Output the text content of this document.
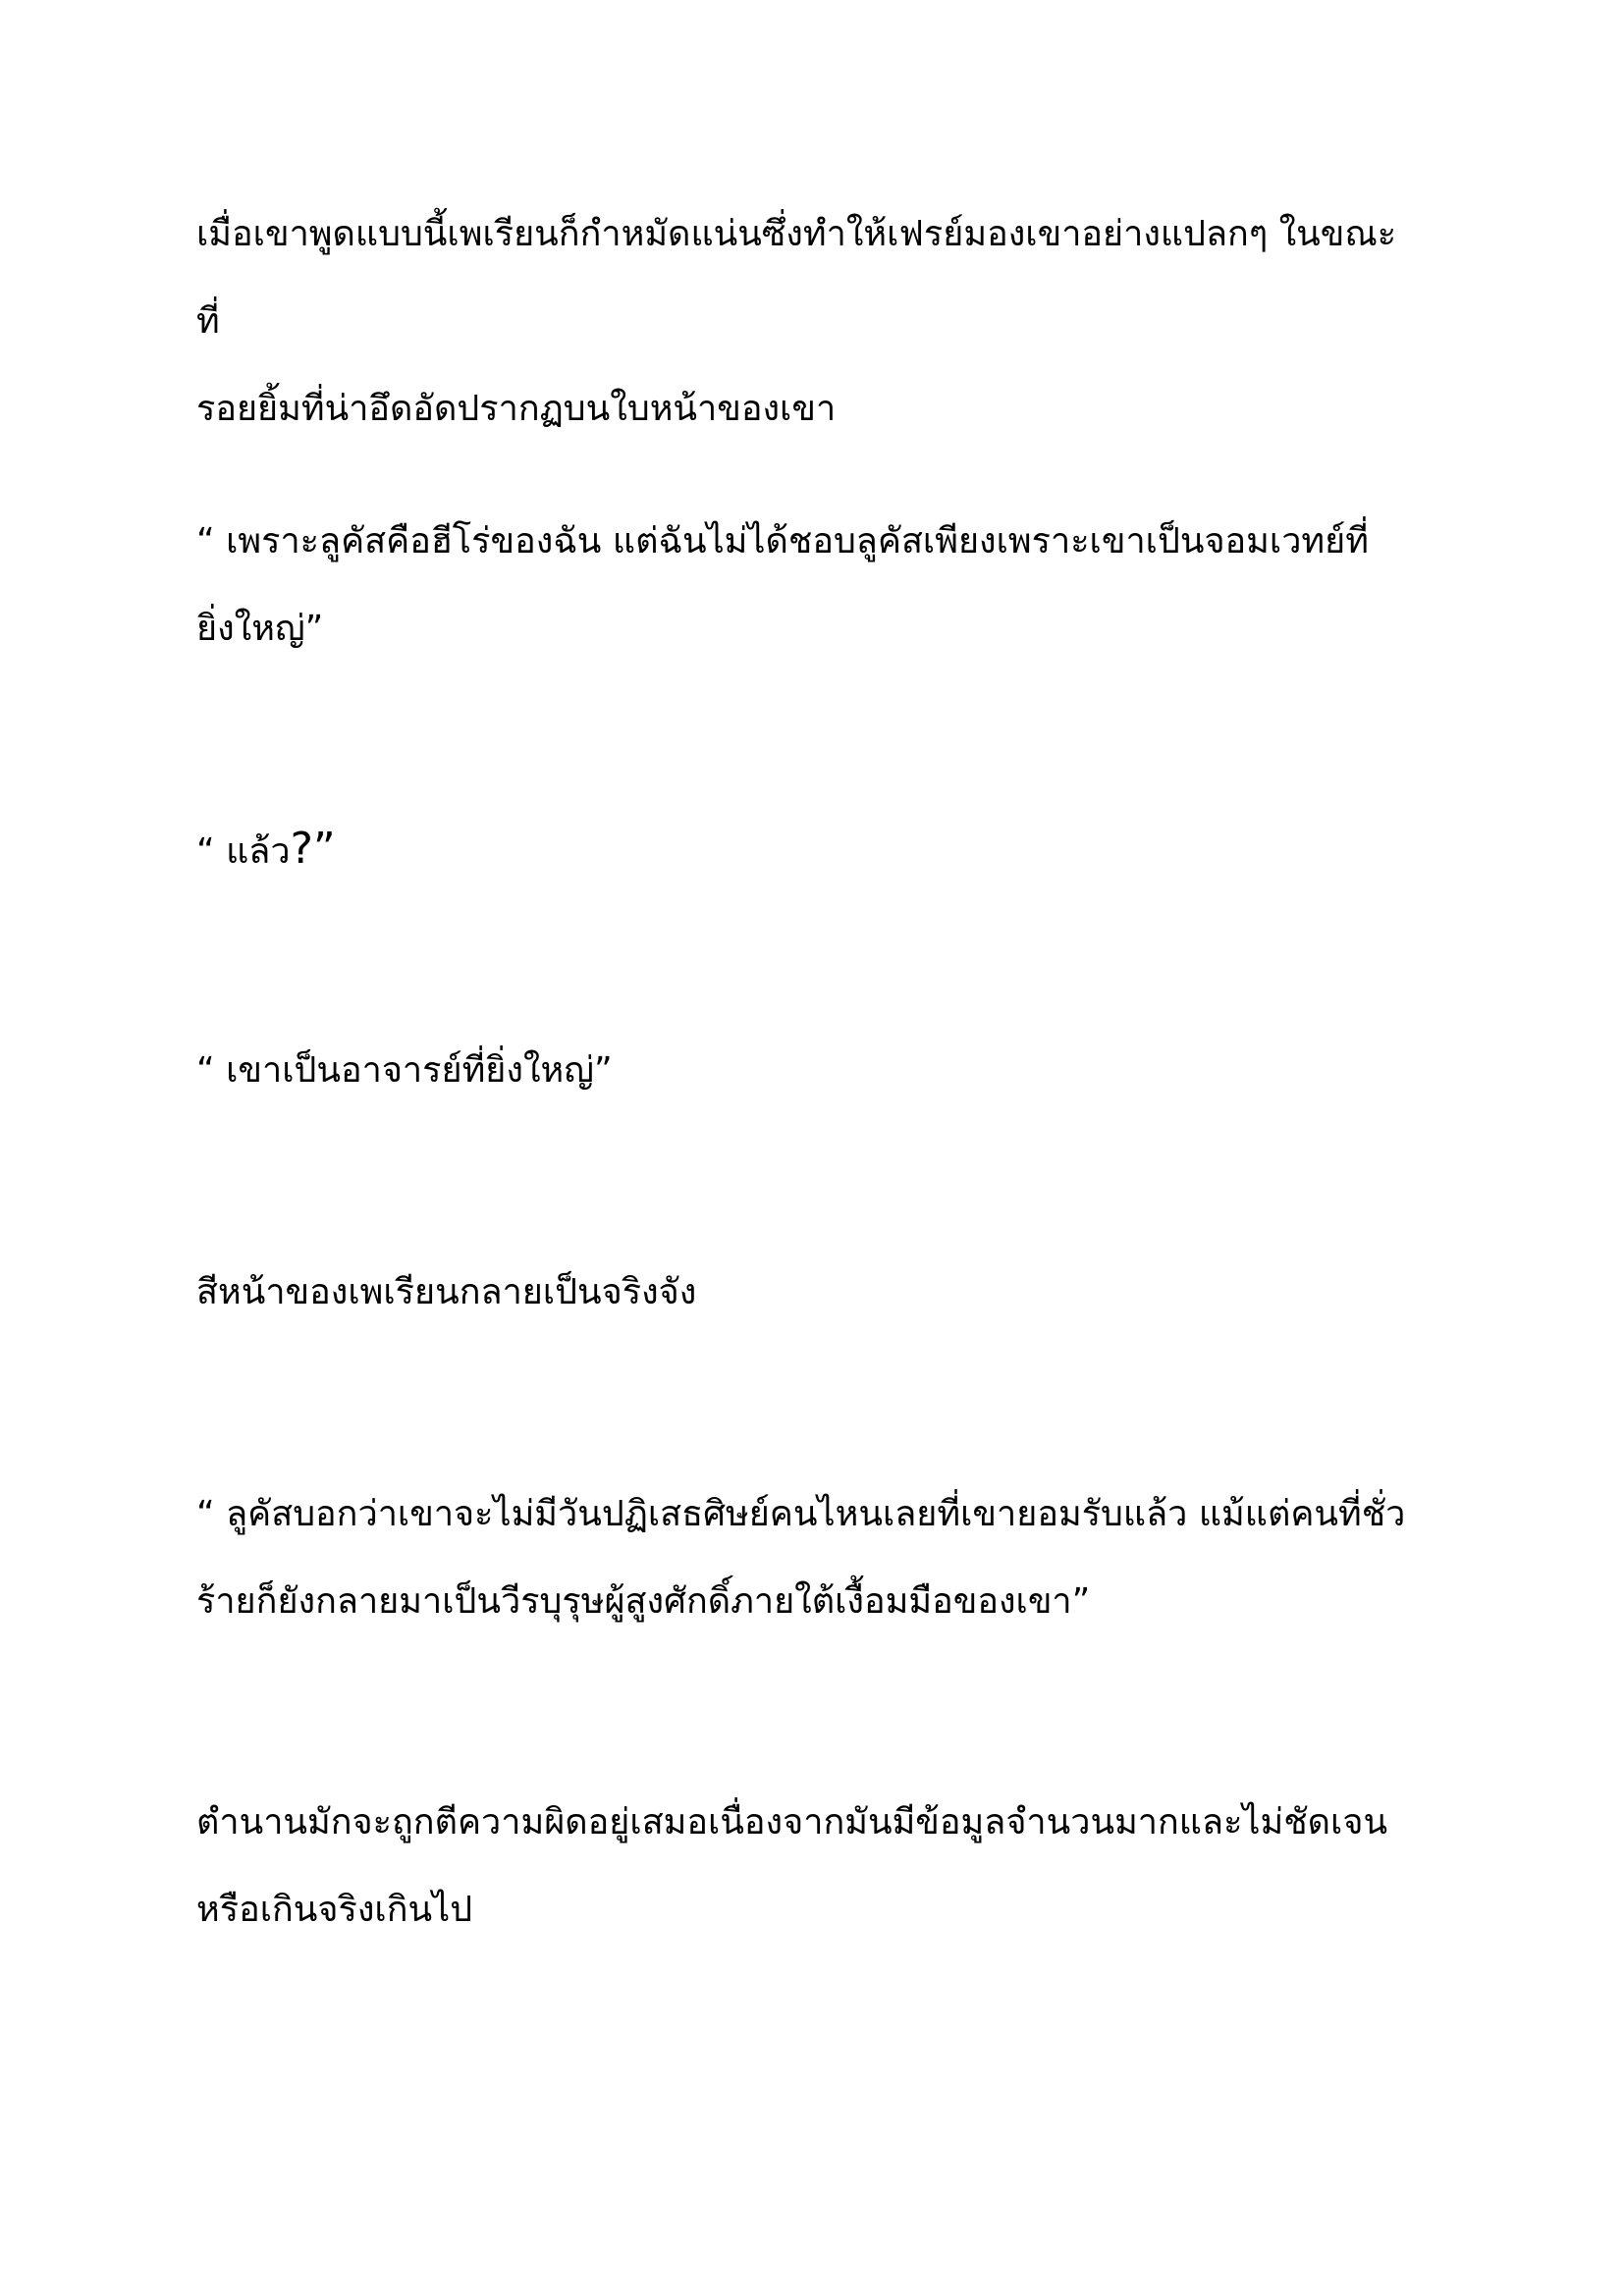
เมื่อเขาพูดแบบนี้เพเรียนก็กำหมัดแน่นซึ่งทำให้เฟรย์มองเขาอย่างแปลกๆ ในขณะที่
รอยยิ้มที่น่าอึดอัดปรากฏบนใบหน้าของเขา

“ เพราะลูคัสคือฮีโร่ของฉัน แต่ฉันไม่ได้ชอบลูคัสเพียงเพราะเขาเป็นจอมเวทย์ที่
ยิ่งใหญ่”

“ แล้ว?”

“ เขาเป็นอาจารย์ที่ยิ่งใหญ่”

สีหน้าของเพเรียนกลายเป็นจริงจัง

“ ลูคัสบอกว่าเขาจะไม่มีวันปฏิเสธศิษย์คนไหนเลยที่เขายอมรับแล้ว แม้แต่คนที่ชั่ว
ร้ายก็ยังกลายมาเป็นวีรบุรุษผู้สูงศักดิ์ภายใต้เงื้อมมือของเขา”

ตำนานมักจะถูกตีความผิดอยู่เสมอเนื่องจากมันมีข้อมูลจำนวนมากและไม่ชัดเจน
หรือเกินจริงเกินไป
